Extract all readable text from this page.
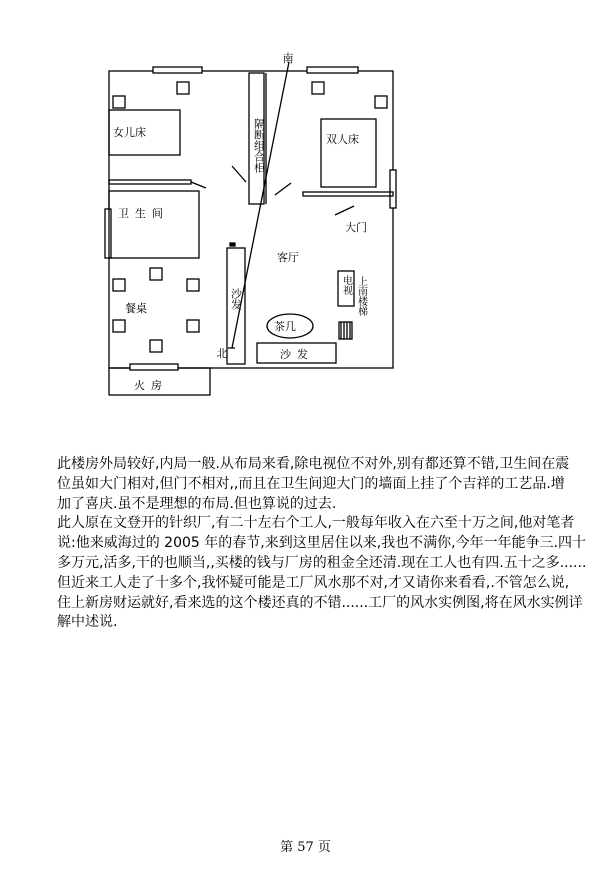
南
北
女儿床
双人床
隔断组合柜
卫生间
大门
客厅
沙发
沙发
电视 上南楼梯
餐桌
茶几
火房

此楼房外局较好,内局一般.从布局来看,除电视位不对外,别有都还算不错,卫生间在震
位虽如大门相对,但门不相对,,而且在卫生间迎大门的墙面上挂了个吉祥的工艺品.增
加了喜庆.虽不是理想的布局.但也算说的过去.

此人原在文登开的针织厂,有二十左右个工人,一般每年收入在六至十万之间,他对笔者
说:他来威海过的 2005 年的春节,来到这里居住以来,我也不满你,今年一年能争三.四十
多万元,活多,干的也顺当,,买楼的钱与厂房的租金全还清.现在工人也有四.五十之多......
但近来工人走了十多个,我怀疑可能是工厂风水那不对,才又请你来看看,.不管怎么说,
住上新房财运就好,看来选的这个楼还真的不错......工厂的风水实例图,将在风水实例详
解中述说.

第 57 页
